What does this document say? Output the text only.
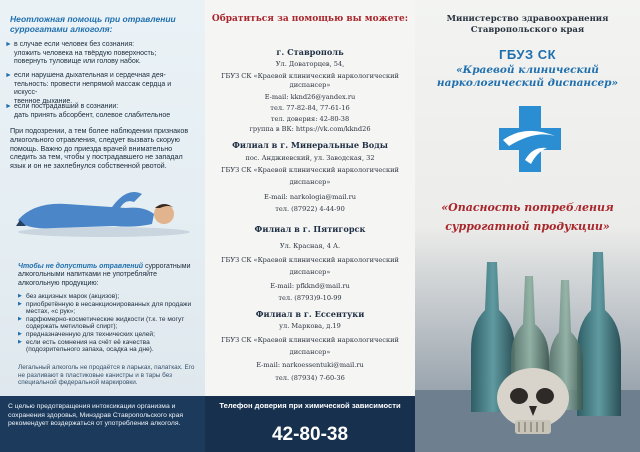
Неотложная помощь при отравлении суррогатами алкоголя:
► в случае если человек без сознания:
уложить человека на твёрдую поверхность;
повернуть туловище или голову набок.
► если нарушена дыхательная и сердечная дея-
тельность: провести непрямой массаж сердца и искусс-
твенное дыхание.
► если пострадавший в сознании:
дать принять абсорбент, солевое слабительное
При подозрении, а тем более наблюдении признаков алкогольного отравления, следует вызвать скорую помощь. Важно до приезда врачей внимательно следить за тем, чтобы у пострадавшего не западал язык и он не захлебнулся собственной рвотой.
Чтобы не допустить отравлений суррогатными алкогольными напитками не употребляйте алкогольную продукцию:
▶ без акцизных марок (акцизов);
▶ приобретённую в несанкционированных для продажи местах, «с рук»;
▶ парфюмерно-косметические жидкости (т.к. те могут содержать метиловый спирт);
▶ предназначенную для технических целей;
▶ если есть сомнения на счёт её качества (подозрительного запаха, осадка на дне).
Легальный алкоголь не продаётся в ларьках, палатках. Его не разливают в пластиковые канистры и в тары без специальной федеральной маркировки.

С целью предотвращения интоксикации организма и сохранения здоровья, Минздрав Ставропольского края рекомендует воздержаться от употребления алкоголя.

Обратиться за помощью вы можете:
г. Ставрополь
Ул. Доваторцев, 54,
ГБУЗ СК «Краевой клинический наркологический
диспансер»
E-mail: kknd26@yandex.ru
тел. 77-82-84, 77-61-16
тел. доверия: 42-80-38
группа в ВК: https://vk.com/kknd26
Филиал в г. Минеральные Воды
пос. Анджиевский, ул. Заводская, 32
ГБУЗ СК «Краевой клинический наркологический
диспансер»
E-mail: narkologia@mail.ru
тел. (87922) 4-44-90
Филиал в г. Пятигорск
Ул. Красная, 4 А.
ГБУЗ СК «Краевой клинический наркологический
диспансер»
E-mail: pfkknd@mail.ru
тел. (8793)9-10-99
Филиал в г. Ессентуки
ул. Маркова, д.19
ГБУЗ СК «Краевой клинический наркологический
диспансер»
E-mail: narkoessentuki@mail.ru
тел. (87934) 7-60-36
Телефон доверия при химической зависимости
42-80-38
Министерство здравоохранения Ставропольского края
ГБУЗ СК
«Краевой клинический наркологический диспансер»
«Опасность потребления суррогатной продукции»
